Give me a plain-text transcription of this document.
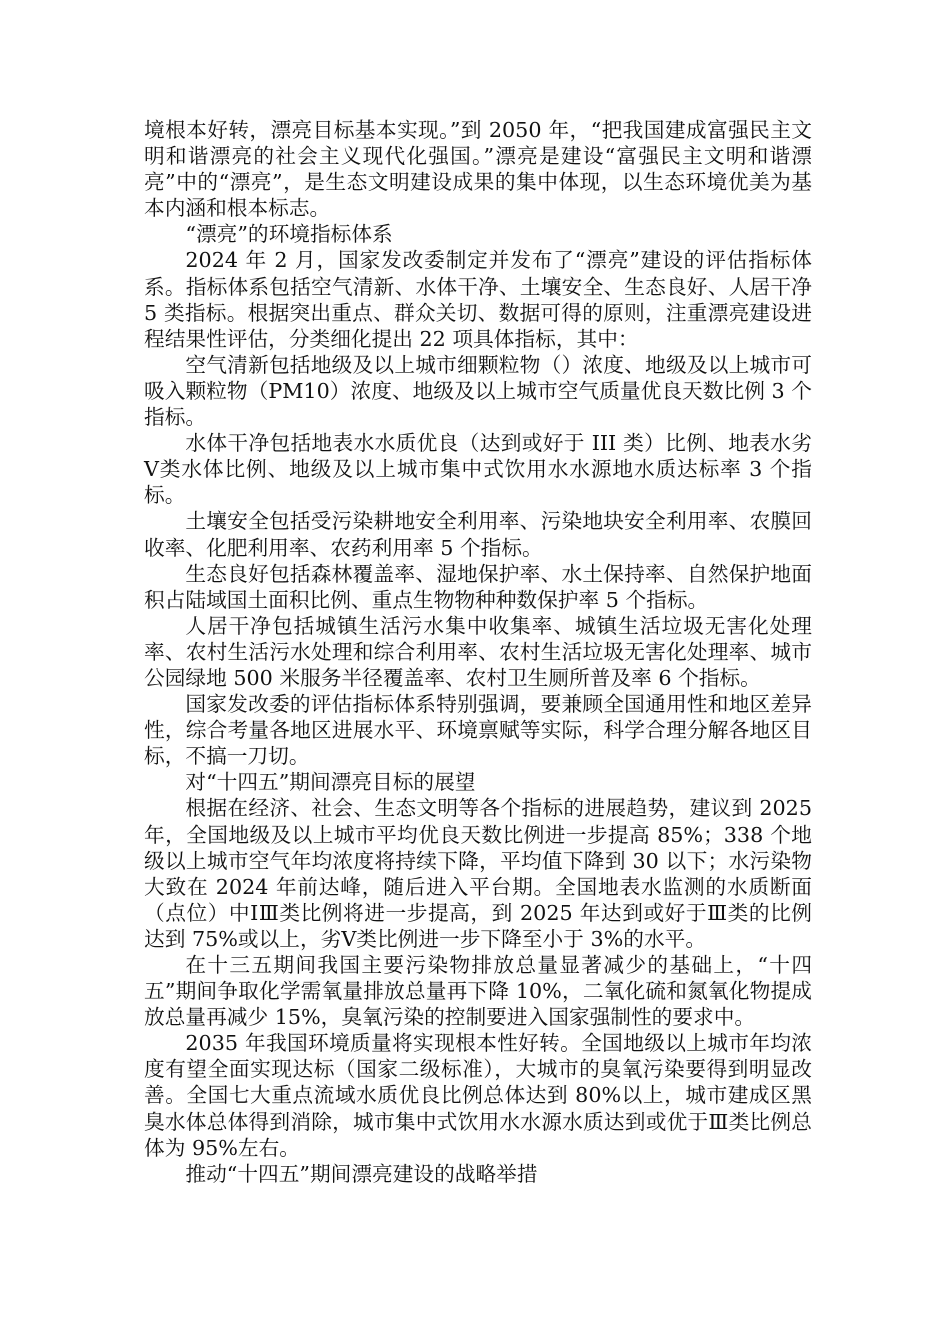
境根本好转，漂亮目标基本实现。”到 2050 年，“把我国建成富强民主文明和谐漂亮的社会主义现代化强国。”漂亮是建设“富强民主文明和谐漂亮”中的“漂亮”，是生态文明建设成果的集中体现，以生态环境优美为基本内涵和根本标志。

“漂亮”的环境指标体系

2024 年 2 月，国家发改委制定并发布了“漂亮”建设的评估指标体系。指标体系包括空气清新、水体干净、土壤安全、生态良好、人居干净 5 类指标。根据突出重点、群众关切、数据可得的原则，注重漂亮建设进程结果性评估，分类细化提出 22 项具体指标，其中：

空气清新包括地级及以上城市细颗粒物（）浓度、地级及以上城市可吸入颗粒物（PM10）浓度、地级及以上城市空气质量优良天数比例 3 个指标。

水体干净包括地表水水质优良（达到或好于 III 类）比例、地表水劣Ⅴ类水体比例、地级及以上城市集中式饮用水水源地水质达标率 3 个指标。

土壤安全包括受污染耕地安全利用率、污染地块安全利用率、农膜回收率、化肥利用率、农药利用率 5 个指标。

生态良好包括森林覆盖率、湿地保护率、水土保持率、自然保护地面积占陆域国土面积比例、重点生物物种种数保护率 5 个指标。

人居干净包括城镇生活污水集中收集率、城镇生活垃圾无害化处理率、农村生活污水处理和综合利用率、农村生活垃圾无害化处理率、城市公园绿地 500 米服务半径覆盖率、农村卫生厕所普及率 6 个指标。

国家发改委的评估指标体系特别强调，要兼顾全国通用性和地区差异性，综合考量各地区进展水平、环境禀赋等实际，科学合理分解各地区目标，不搞一刀切。

对“十四五”期间漂亮目标的展望

根据在经济、社会、生态文明等各个指标的进展趋势，建议到 2025 年，全国地级及以上城市平均优良天数比例进一步提高 85%；338 个地级以上城市空气年均浓度将持续下降，平均值下降到 30 以下；水污染物大致在 2024 年前达峰，随后进入平台期。全国地表水监测的水质断面（点位）中ⅠⅢ类比例将进一步提高，到 2025 年达到或好于Ⅲ类的比例达到 75%或以上，劣Ⅴ类比例进一步下降至小于 3%的水平。

在十三五期间我国主要污染物排放总量显著减少的基础上，“十四五”期间争取化学需氧量排放总量再下降 10%，二氧化硫和氮氧化物提成放总量再减少 15%，臭氧污染的控制要进入国家强制性的要求中。

2035 年我国环境质量将实现根本性好转。全国地级以上城市年均浓度有望全面实现达标（国家二级标准），大城市的臭氧污染要得到明显改善。全国七大重点流域水质优良比例总体达到 80%以上，城市建成区黑臭水体总体得到消除，城市集中式饮用水水源水质达到或优于Ⅲ类比例总体为 95%左右。

推动“十四五”期间漂亮建设的战略举措
